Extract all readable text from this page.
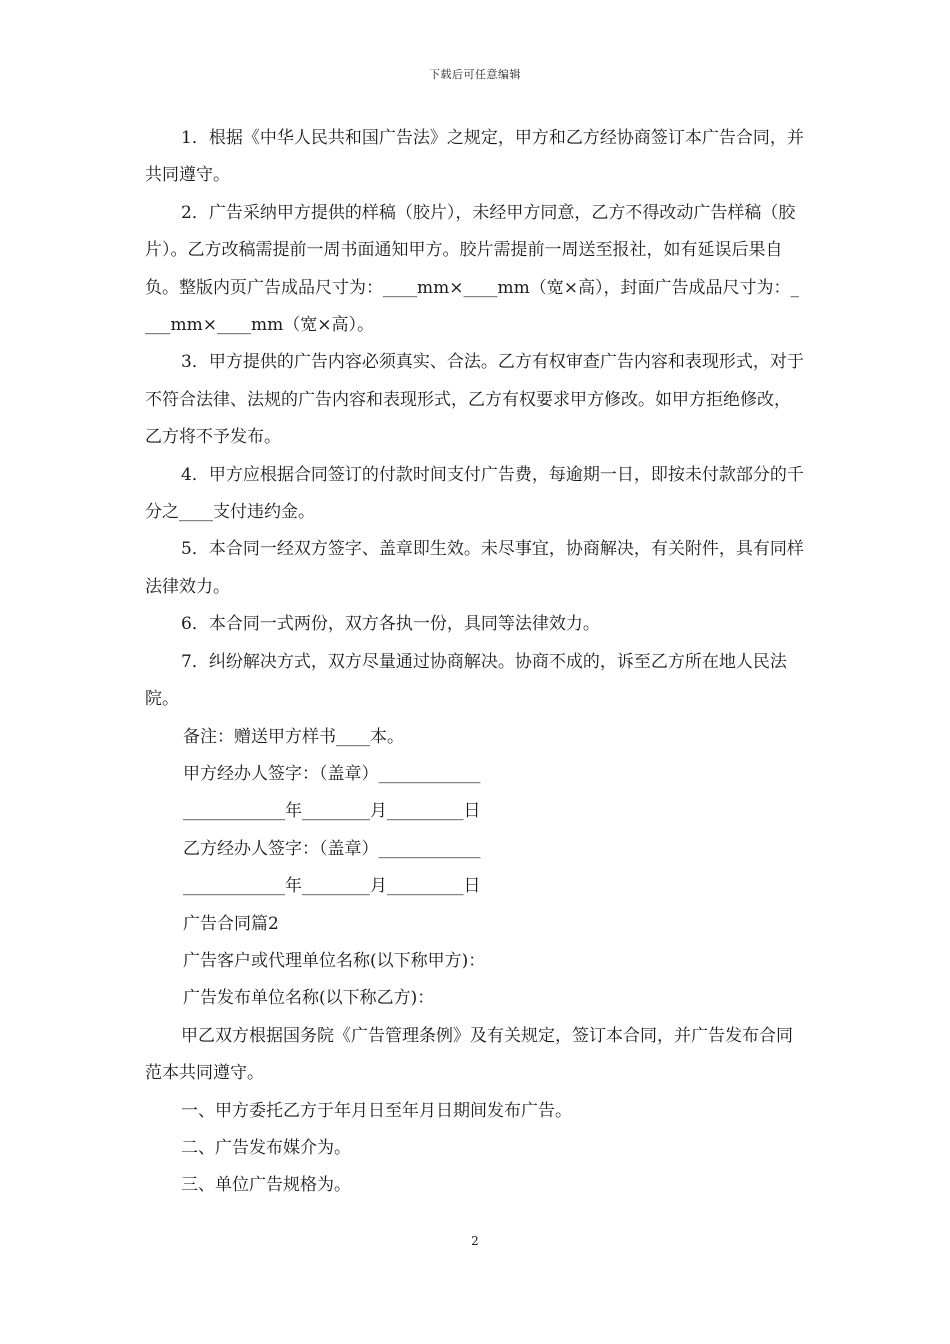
下载后可任意编辑

1．根据《中华人民共和国广告法》之规定，甲方和乙方经协商签订本广告合同，并共同遵守。

2．广告采纳甲方提供的样稿（胶片），未经甲方同意，乙方不得改动广告样稿（胶片）。乙方改稿需提前一周书面通知甲方。胶片需提前一周送至报社，如有延误后果自负。整版内页广告成品尺寸为：____mm×____mm（宽×高），封面广告成品尺寸为：____mm×____mm（宽×高）。

3．甲方提供的广告内容必须真实、合法。乙方有权审查广告内容和表现形式，对于不符合法律、法规的广告内容和表现形式，乙方有权要求甲方修改。如甲方拒绝修改，乙方将不予发布。

4．甲方应根据合同签订的付款时间支付广告费，每逾期一日，即按未付款部分的千分之____支付违约金。

5．本合同一经双方签字、盖章即生效。未尽事宜，协商解决，有关附件，具有同样法律效力。

6．本合同一式两份，双方各执一份，具同等法律效力。

7．纠纷解决方式，双方尽量通过协商解决。协商不成的，诉至乙方所在地人民法院。

备注：赠送甲方样书____本。

甲方经办人签字：（盖章）____________

____________年________月_________日

乙方经办人签字：（盖章）____________

____________年________月_________日

广告合同篇2

广告客户或代理单位名称(以下称甲方)：

广告发布单位名称(以下称乙方)：

甲乙双方根据国务院《广告管理条例》及有关规定，签订本合同，并广告发布合同范本共同遵守。

一、甲方委托乙方于年月日至年月日期间发布广告。

二、广告发布媒介为。

三、单位广告规格为。

2
